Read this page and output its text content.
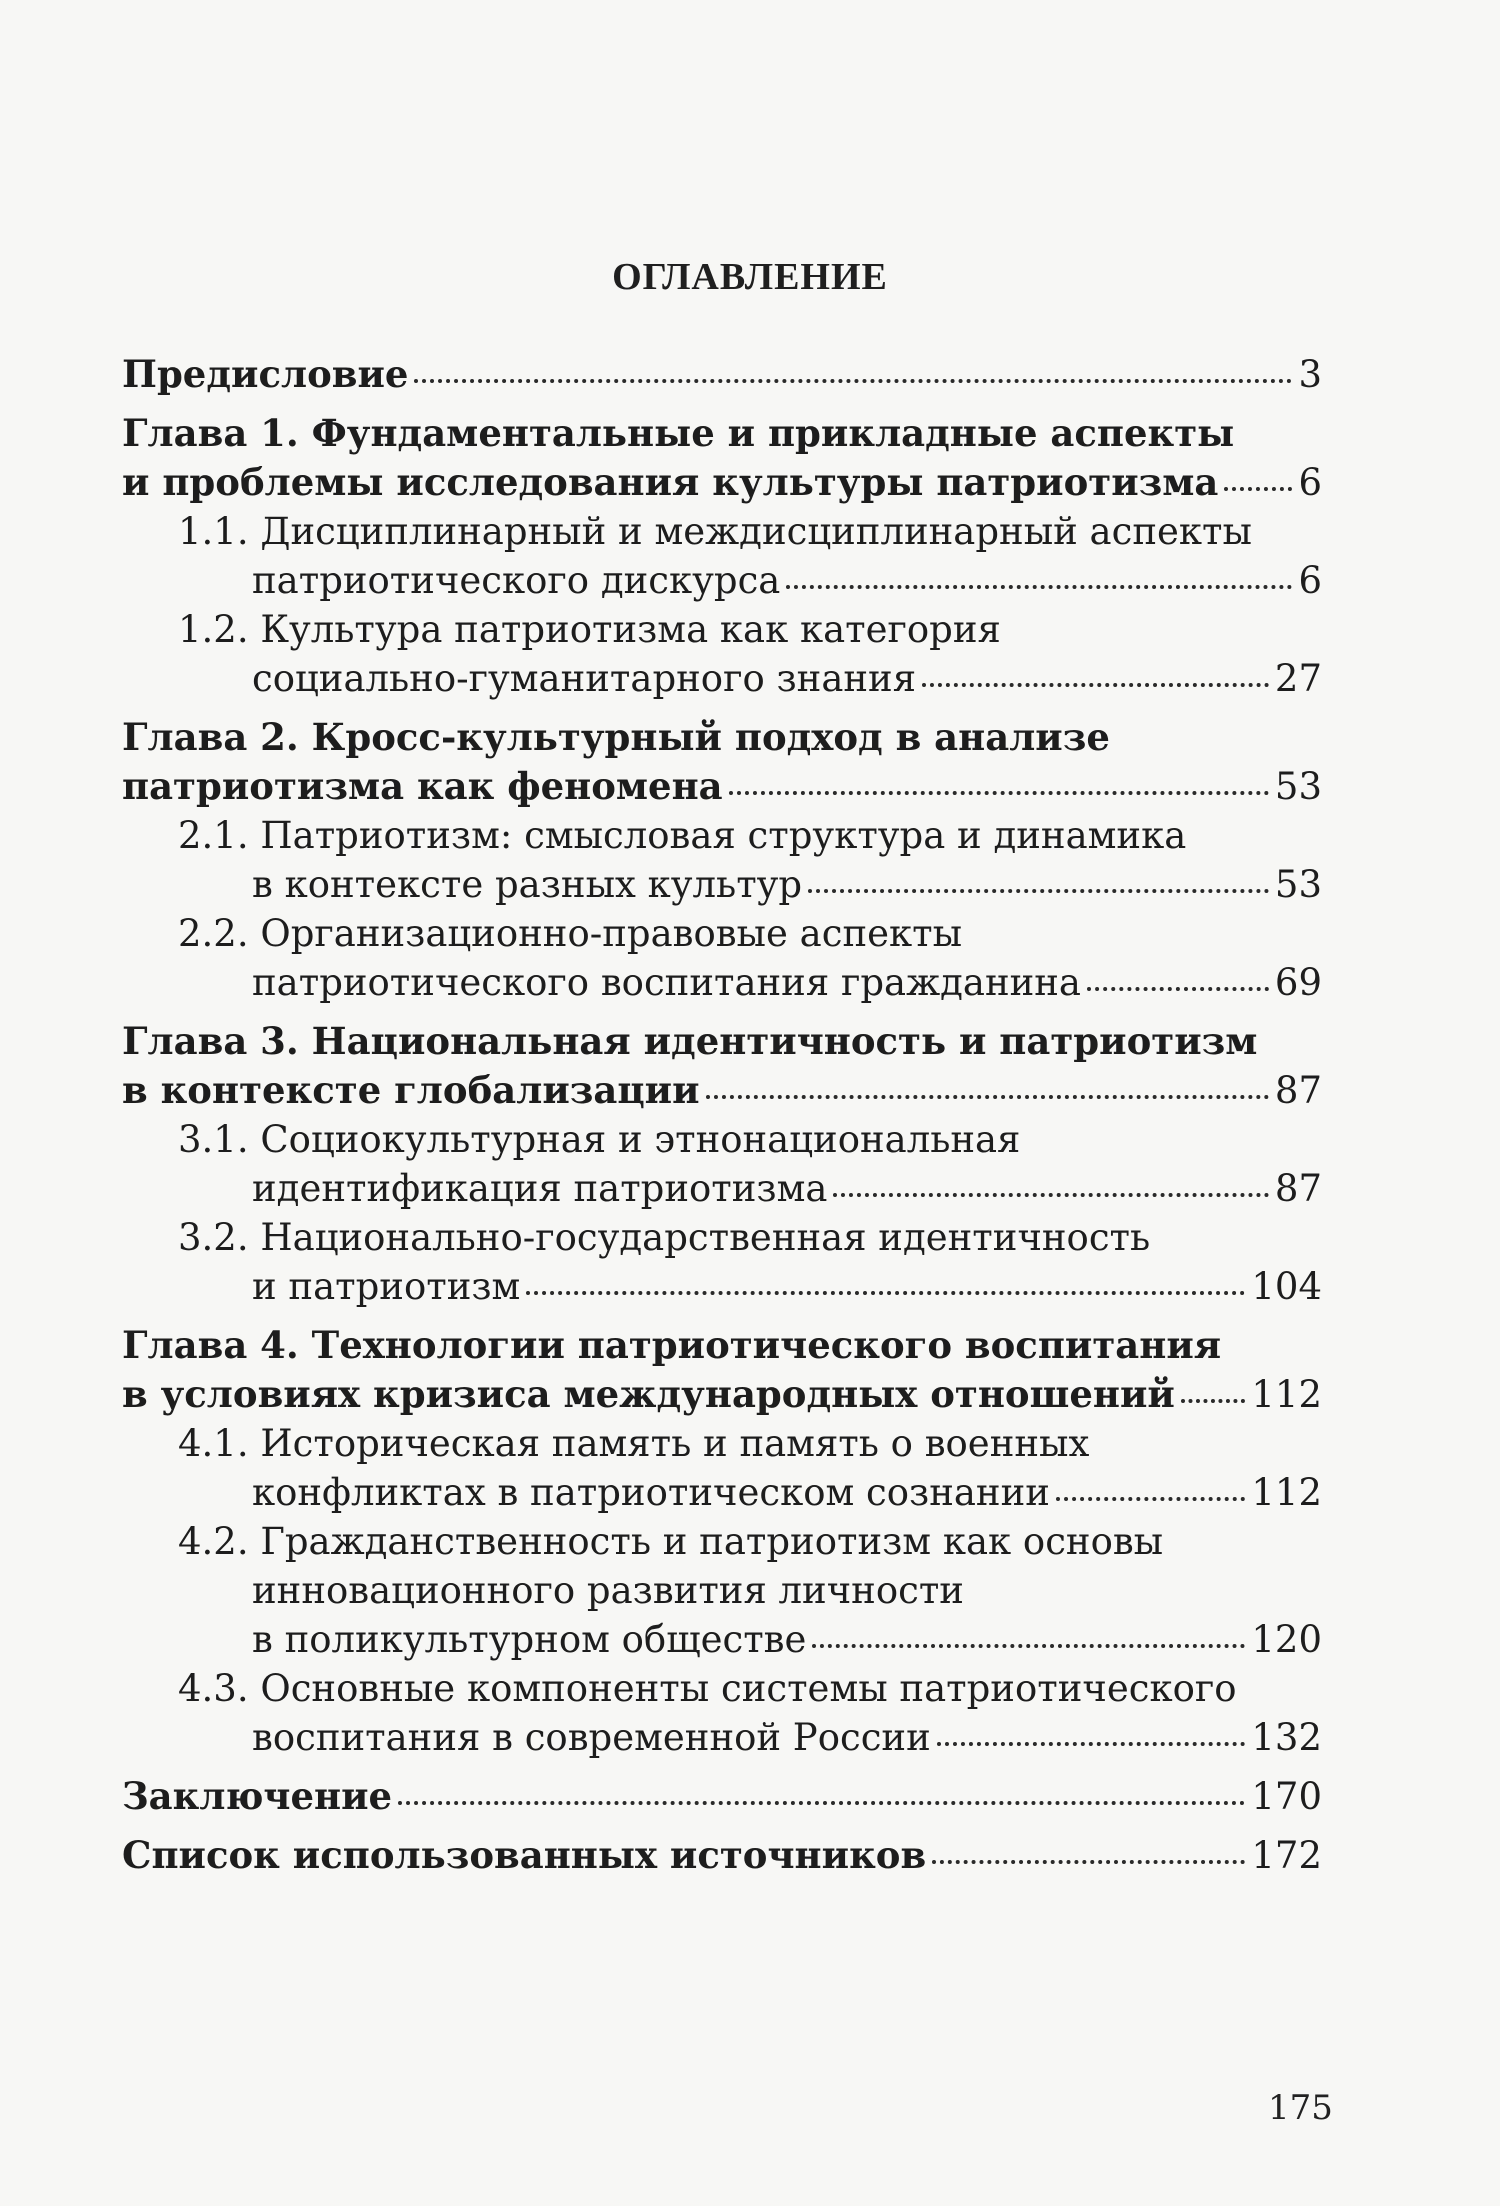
ОГЛАВЛЕНИЕ
Предисловие	3
Глава 1. Фундаментальные и прикладные аспекты
и проблемы исследования культуры патриотизма 6
1.1. Дисциплинарный и междисциплинарный аспекты
патриотического дискурса	6
1.2. Культура патриотизма как категория
социально-гуманитарного знания	27
Глава 2. Кросс-культурный подход в анализе
патриотизма как феномена	53
2.1. Патриотизм: смысловая структура и динамика
в контексте разных культур	53
2.2. Организационно-правовые аспекты
патриотического воспитания гражданина	69
Глава 3. Национальная идентичность и патриотизм
в контексте глобализации	87
3.1. Социокультурная и этнонациональная
идентификация патриотизма	87
3.2. Национально-государственная идентичность
и патриотизм	104
Глава 4. Технологии патриотического воспитания
в условиях кризиса международных отношений 112
4.1. Историческая память и память о военных
конфликтах в патриотическом сознании	112
4.2. Гражданственность и патриотизм как основы
инновационного развития личности
в поликультурном обществе	120
4.3. Основные компоненты системы патриотического
воспитания в современной России	132
Заключение	170
Список использованных источников	172
175
